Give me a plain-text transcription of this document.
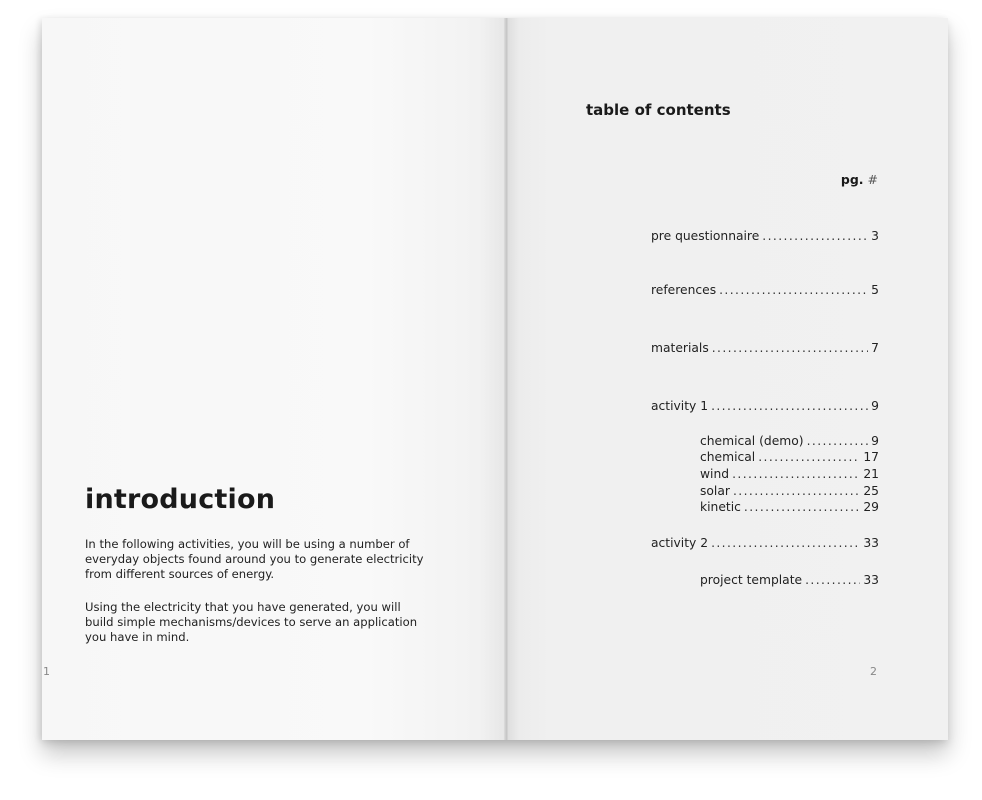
introduction

In the following activities, you will be using a number of everyday objects found around you to generate electricity from different sources of energy.

Using the electricity that you have generated, you will build simple mechanisms/devices to serve an application you have in mind.

1
table of contents
pg. #
pre questionnaire .....	3
references .....	5
materials .....	7
activity 1 .....	9
chemical (demo) .....	9
chemical .....	17
wind .....	21
solar .....	25
kinetic .....	29
activity 2 .....	33
project template .....	33
2
